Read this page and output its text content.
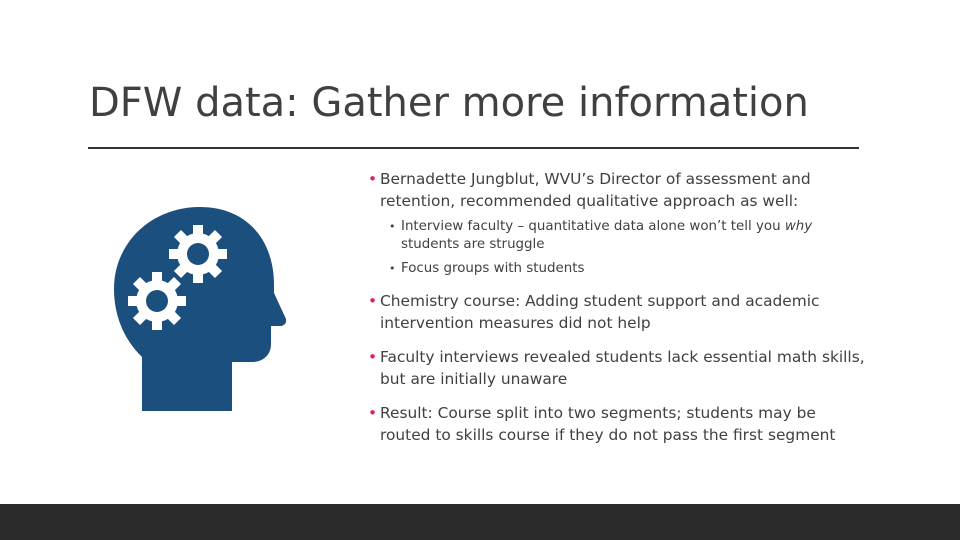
DFW data: Gather more information
• Bernadette Jungblut, WVU’s Director of assessment and retention, recommended qualitative approach as well:
• Interview faculty – quantitative data alone won’t tell you why students are struggle
• Focus groups with students
• Chemistry course: Adding student support and academic intervention measures did not help
• Faculty interviews revealed students lack essential math skills, but are initially unaware
• Result: Course split into two segments; students may be routed to skills course if they do not pass the first segment
